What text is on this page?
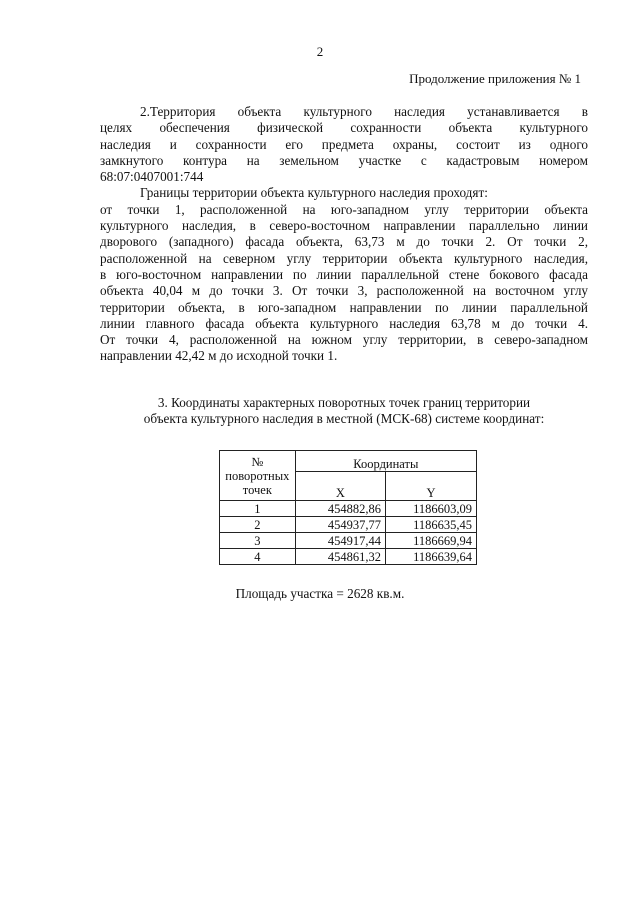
2
Продолжение приложения № 1
2.Территория объекта культурного наследия устанавливается в
целях обеспечения физической сохранности объекта культурного
наследия и сохранности его предмета охраны, состоит из одного
замкнутого контура на земельном участке с кадастровым номером
68:07:0407001:744
Границы территории объекта культурного наследия проходят:
от точки 1, расположенной на юго-западном углу территории объекта
культурного наследия, в северо-восточном направлении параллельно линии
дворового (западного) фасада объекта, 63,73 м до точки 2. От точки 2,
расположенной на северном углу территории объекта культурного наследия,
в юго-восточном направлении по линии параллельной стене бокового фасада
объекта 40,04 м до точки 3. От точки 3, расположенной на восточном углу
территории объекта, в юго-западном направлении по линии параллельной
линии главного фасада объекта культурного наследия 63,78 м до точки 4.
От точки 4, расположенной на южном углу территории, в северо-западном
направлении 42,42 м до исходной точки 1.
3. Координаты характерных поворотных точек границ территории
объекта культурного наследия в местной (МСК-68) системе координат:
№
поворотных
точек	Координаты	
	X	Y
1	454882,86	1186603,09
2	454937,77	1186635,45
3	454917,44	1186669,94
4	454861,32	1186639,64
Площадь участка = 2628 кв.м.
